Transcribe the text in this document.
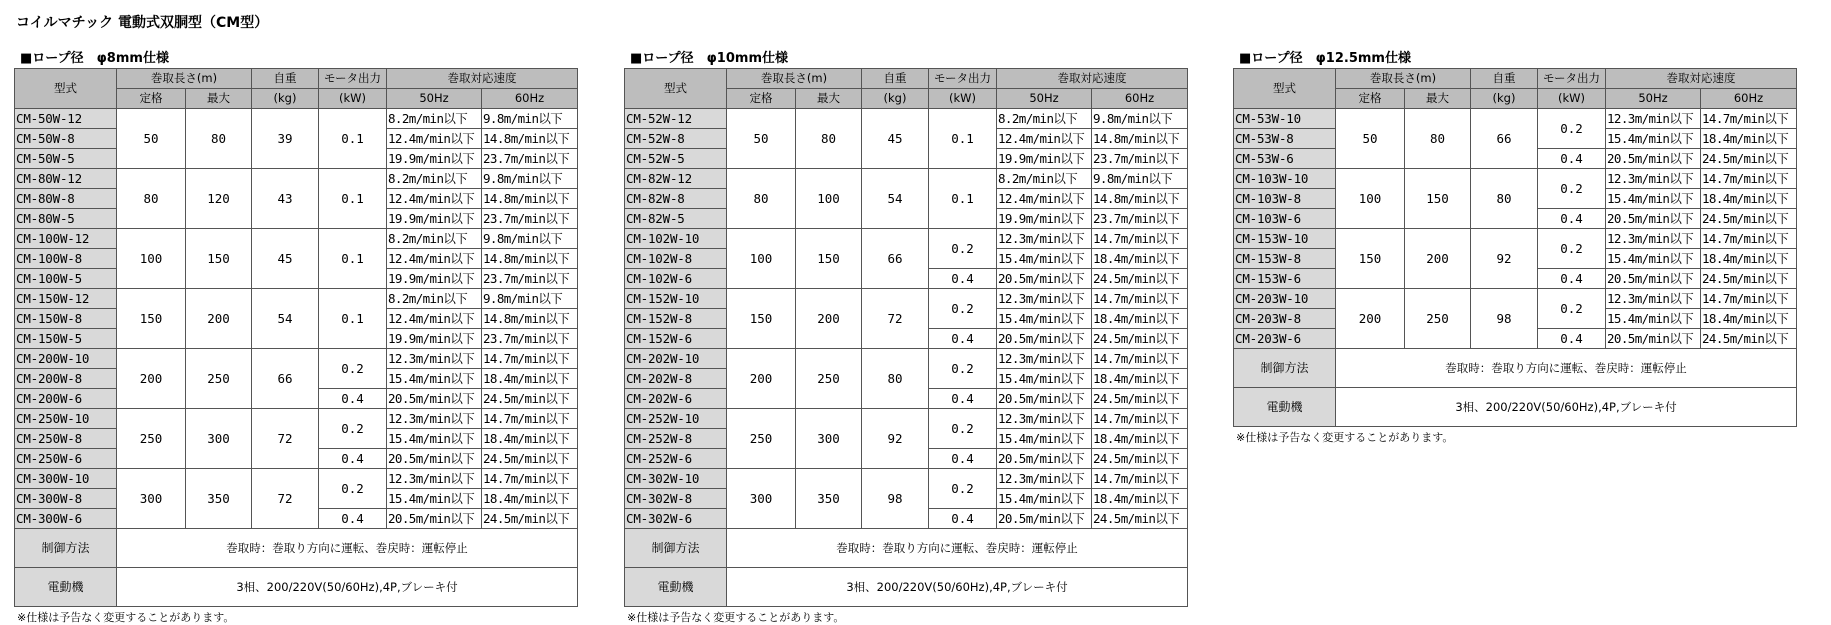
コイルマチック 電動式双胴型（CM型）
■ロープ径　φ8mm仕様
型式	巻取長さ(m)		自重	モータ出力	巻取対応速度	
	定格	最大	(kg)	(kW)	50Hz	60Hz
CM-50W-12	50	80	39	0.1	8.2m/min以下	9.8m/min以下
CM-50W-8					12.4m/min以下	14.8m/min以下
CM-50W-5					19.9m/min以下	23.7m/min以下
CM-80W-12	80	120	43	0.1	8.2m/min以下	9.8m/min以下
CM-80W-8					12.4m/min以下	14.8m/min以下
CM-80W-5					19.9m/min以下	23.7m/min以下
CM-100W-12	100	150	45	0.1	8.2m/min以下	9.8m/min以下
CM-100W-8					12.4m/min以下	14.8m/min以下
CM-100W-5					19.9m/min以下	23.7m/min以下
CM-150W-12	150	200	54	0.1	8.2m/min以下	9.8m/min以下
CM-150W-8					12.4m/min以下	14.8m/min以下
CM-150W-5					19.9m/min以下	23.7m/min以下
CM-200W-10	200	250	66	0.2	12.3m/min以下	14.7m/min以下
CM-200W-8					15.4m/min以下	18.4m/min以下
CM-200W-6				0.4	20.5m/min以下	24.5m/min以下
CM-250W-10	250	300	72	0.2	12.3m/min以下	14.7m/min以下
CM-250W-8					15.4m/min以下	18.4m/min以下
CM-250W-6				0.4	20.5m/min以下	24.5m/min以下
CM-300W-10	300	350	72	0.2	12.3m/min以下	14.7m/min以下
CM-300W-8					15.4m/min以下	18.4m/min以下
CM-300W-6				0.4	20.5m/min以下	24.5m/min以下
制御方法	巻取時：巻取り方向に運転、巻戻時：運転停止					
電動機	3相、200/220V(50/60Hz),4P,ブレーキ付					
※仕様は予告なく変更することがあります。
■ロープ径　φ10mm仕様
型式	巻取長さ(m)		自重	モータ出力	巻取対応速度	
	定格	最大	(kg)	(kW)	50Hz	60Hz
CM-52W-12	50	80	45	0.1	8.2m/min以下	9.8m/min以下
CM-52W-8					12.4m/min以下	14.8m/min以下
CM-52W-5					19.9m/min以下	23.7m/min以下
CM-82W-12	80	100	54	0.1	8.2m/min以下	9.8m/min以下
CM-82W-8					12.4m/min以下	14.8m/min以下
CM-82W-5					19.9m/min以下	23.7m/min以下
CM-102W-10	100	150	66	0.2	12.3m/min以下	14.7m/min以下
CM-102W-8					15.4m/min以下	18.4m/min以下
CM-102W-6				0.4	20.5m/min以下	24.5m/min以下
CM-152W-10	150	200	72	0.2	12.3m/min以下	14.7m/min以下
CM-152W-8					15.4m/min以下	18.4m/min以下
CM-152W-6				0.4	20.5m/min以下	24.5m/min以下
CM-202W-10	200	250	80	0.2	12.3m/min以下	14.7m/min以下
CM-202W-8					15.4m/min以下	18.4m/min以下
CM-202W-6				0.4	20.5m/min以下	24.5m/min以下
CM-252W-10	250	300	92	0.2	12.3m/min以下	14.7m/min以下
CM-252W-8					15.4m/min以下	18.4m/min以下
CM-252W-6				0.4	20.5m/min以下	24.5m/min以下
CM-302W-10	300	350	98	0.2	12.3m/min以下	14.7m/min以下
CM-302W-8					15.4m/min以下	18.4m/min以下
CM-302W-6				0.4	20.5m/min以下	24.5m/min以下
制御方法	巻取時：巻取り方向に運転、巻戻時：運転停止					
電動機	3相、200/220V(50/60Hz),4P,ブレーキ付					
※仕様は予告なく変更することがあります。
■ロープ径　φ12.5mm仕様
型式	巻取長さ(m)		自重	モータ出力	巻取対応速度	
	定格	最大	(kg)	(kW)	50Hz	60Hz
CM-53W-10	50	80	66	0.2	12.3m/min以下	14.7m/min以下
CM-53W-8					15.4m/min以下	18.4m/min以下
CM-53W-6				0.4	20.5m/min以下	24.5m/min以下
CM-103W-10	100	150	80	0.2	12.3m/min以下	14.7m/min以下
CM-103W-8					15.4m/min以下	18.4m/min以下
CM-103W-6				0.4	20.5m/min以下	24.5m/min以下
CM-153W-10	150	200	92	0.2	12.3m/min以下	14.7m/min以下
CM-153W-8					15.4m/min以下	18.4m/min以下
CM-153W-6				0.4	20.5m/min以下	24.5m/min以下
CM-203W-10	200	250	98	0.2	12.3m/min以下	14.7m/min以下
CM-203W-8					15.4m/min以下	18.4m/min以下
CM-203W-6				0.4	20.5m/min以下	24.5m/min以下
制御方法	巻取時：巻取り方向に運転、巻戻時：運転停止					
電動機	3相、200/220V(50/60Hz),4P,ブレーキ付					
※仕様は予告なく変更することがあります。
